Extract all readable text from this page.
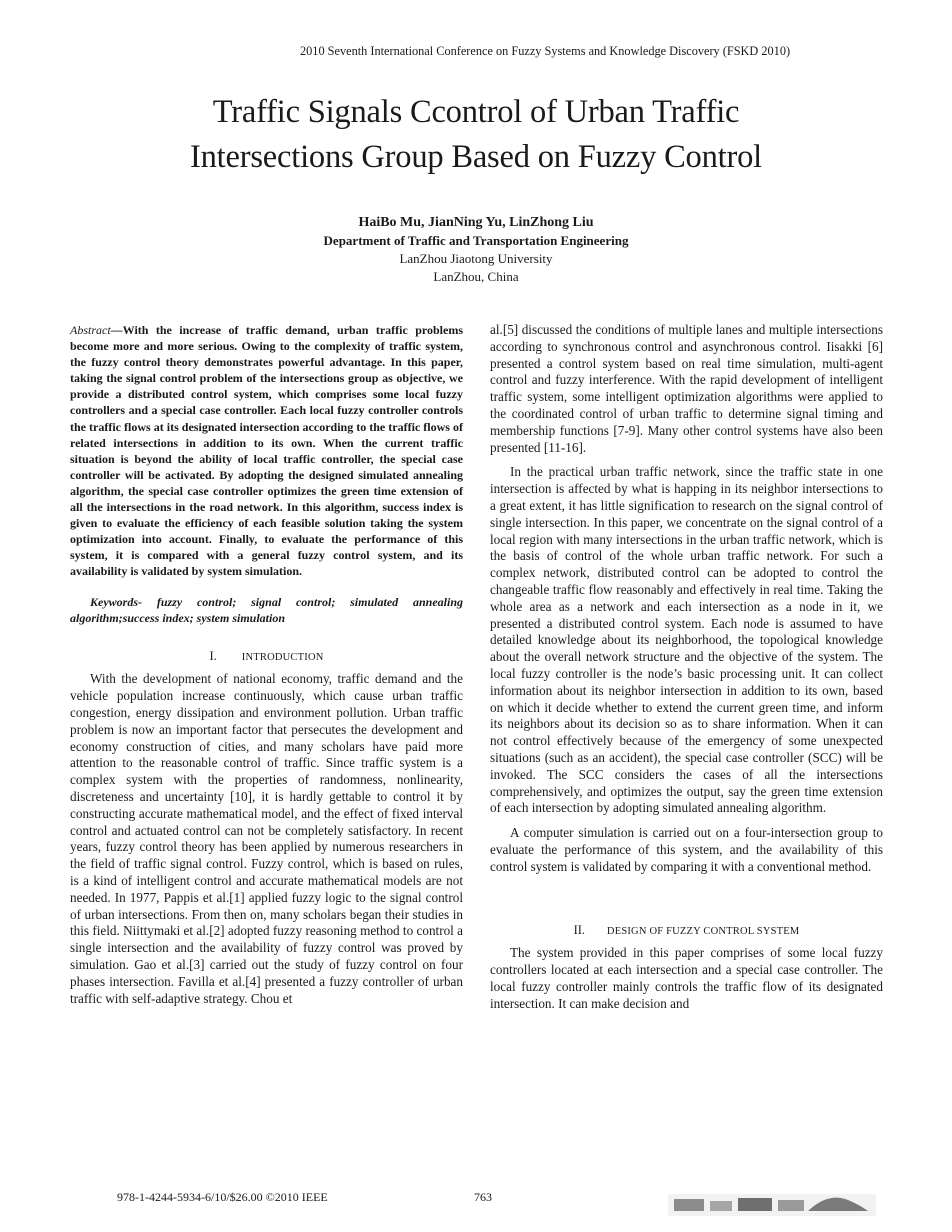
2010 Seventh International Conference on Fuzzy Systems and Knowledge Discovery (FSKD 2010)
Traffic Signals Ccontrol of Urban Traffic
Intersections Group Based on Fuzzy Control
HaiBo Mu, JianNing Yu, LinZhong Liu
Department of Traffic and Transportation Engineering
LanZhou Jiaotong University
LanZhou, China

Abstract—With the increase of traffic demand, urban traffic problems become more and more serious. Owing to the complexity of traffic system, the fuzzy control theory demonstrates powerful advantage. In this paper, taking the signal control problem of the intersections group as objective, we provide a distributed control system, which comprises some local fuzzy controllers and a special case controller. Each local fuzzy controller controls the traffic flows at its designated intersection according to the traffic flows of related intersections in addition to its own. When the current traffic situation is beyond the ability of local traffic controller, the special case controller will be activated. By adopting the designed simulated annealing algorithm, the special case controller optimizes the green time extension of all the intersections in the road network. In this algorithm, success index is given to evaluate the efficiency of each feasible solution taking the system optimization into account. Finally, to evaluate the performance of this system, it is compared with a general fuzzy control system, and its availability is validated by system simulation.

Keywords- fuzzy control; signal control; simulated annealing algorithm;success index; system simulation

I. INTRODUCTION

With the development of national economy, traffic demand and the vehicle population increase continuously, which cause urban traffic congestion, energy dissipation and environment pollution. Urban traffic problem is now an important factor that persecutes the development and economy construction of cities, and many scholars have paid more attention to the reasonable control of traffic. Since traffic system is a complex system with the properties of randomness, nonlinearity, discreteness and uncertainty [10], it is hardly gettable to control it by constructing accurate mathematical model, and the effect of fixed interval control and actuated control can not be completely satisfactory. In recent years, fuzzy control theory has been applied by numerous researchers in the field of traffic signal control. Fuzzy control, which is based on rules, is a kind of intelligent control and accurate mathematical models are not needed. In 1977, Pappis et al.[1] applied fuzzy logic to the signal control of urban intersections. From then on, many scholars began their studies in this field. Niittymaki et al.[2] adopted fuzzy reasoning method to control a single intersection and the availability of fuzzy control was proved by simulation. Gao et al.[3] carried out the study of fuzzy control on four phases intersection. Favilla et al.[4] presented a fuzzy controller of urban traffic with self-adaptive strategy. Chou et

al.[5] discussed the conditions of multiple lanes and multiple intersections according to synchronous control and asynchronous control. Iisakki [6] presented a control system based on real time simulation, multi-agent control and fuzzy interference. With the rapid development of intelligent traffic system, some intelligent optimization algorithms were applied to the coordinated control of urban traffic to determine signal timing and membership functions [7-9]. Many other control systems have also been presented [11-16].

In the practical urban traffic network, since the traffic state in one intersection is affected by what is happing in its neighbor intersections to a great extent, it has little signification to research on the signal control of single intersection. In this paper, we concentrate on the signal control of a local region with many intersections in the urban traffic network, which is the basis of control of the whole urban traffic network. For such a complex network, distributed control can be adopted to control the changeable traffic flow reasonably and effectively in real time. Taking the whole area as a network and each intersection as a node in it, we presented a distributed control system. Each node is assumed to have detailed knowledge about its neighborhood, the topological knowledge about the overall network structure and the objective of the system. The local fuzzy controller is the node’s basic processing unit. It can collect information about its neighbor intersection in addition to its own, based on which it decide whether to extend the current green time, and inform its neighbors about its decision so as to share information. When it can not control effectively because of the emergency of some unexpected situations (such as an accident), the special case controller (SCC) will be invoked. The SCC considers the cases of all the intersections comprehensively, and optimizes the output, say the green time extension of each intersection by adopting simulated annealing algorithm.

A computer simulation is carried out on a four-intersection group to evaluate the performance of this system, and the availability of this control system is validated by comparing it with a conventional method.

II. DESIGN OF FUZZY CONTROL SYSTEM

The system provided in this paper comprises of some local fuzzy controllers located at each intersection and a special case controller. The local fuzzy controller mainly controls the traffic flow of its designated intersection. It can make decision and

978-1-4244-5934-6/10/$26.00 ©2010 IEEE	763
